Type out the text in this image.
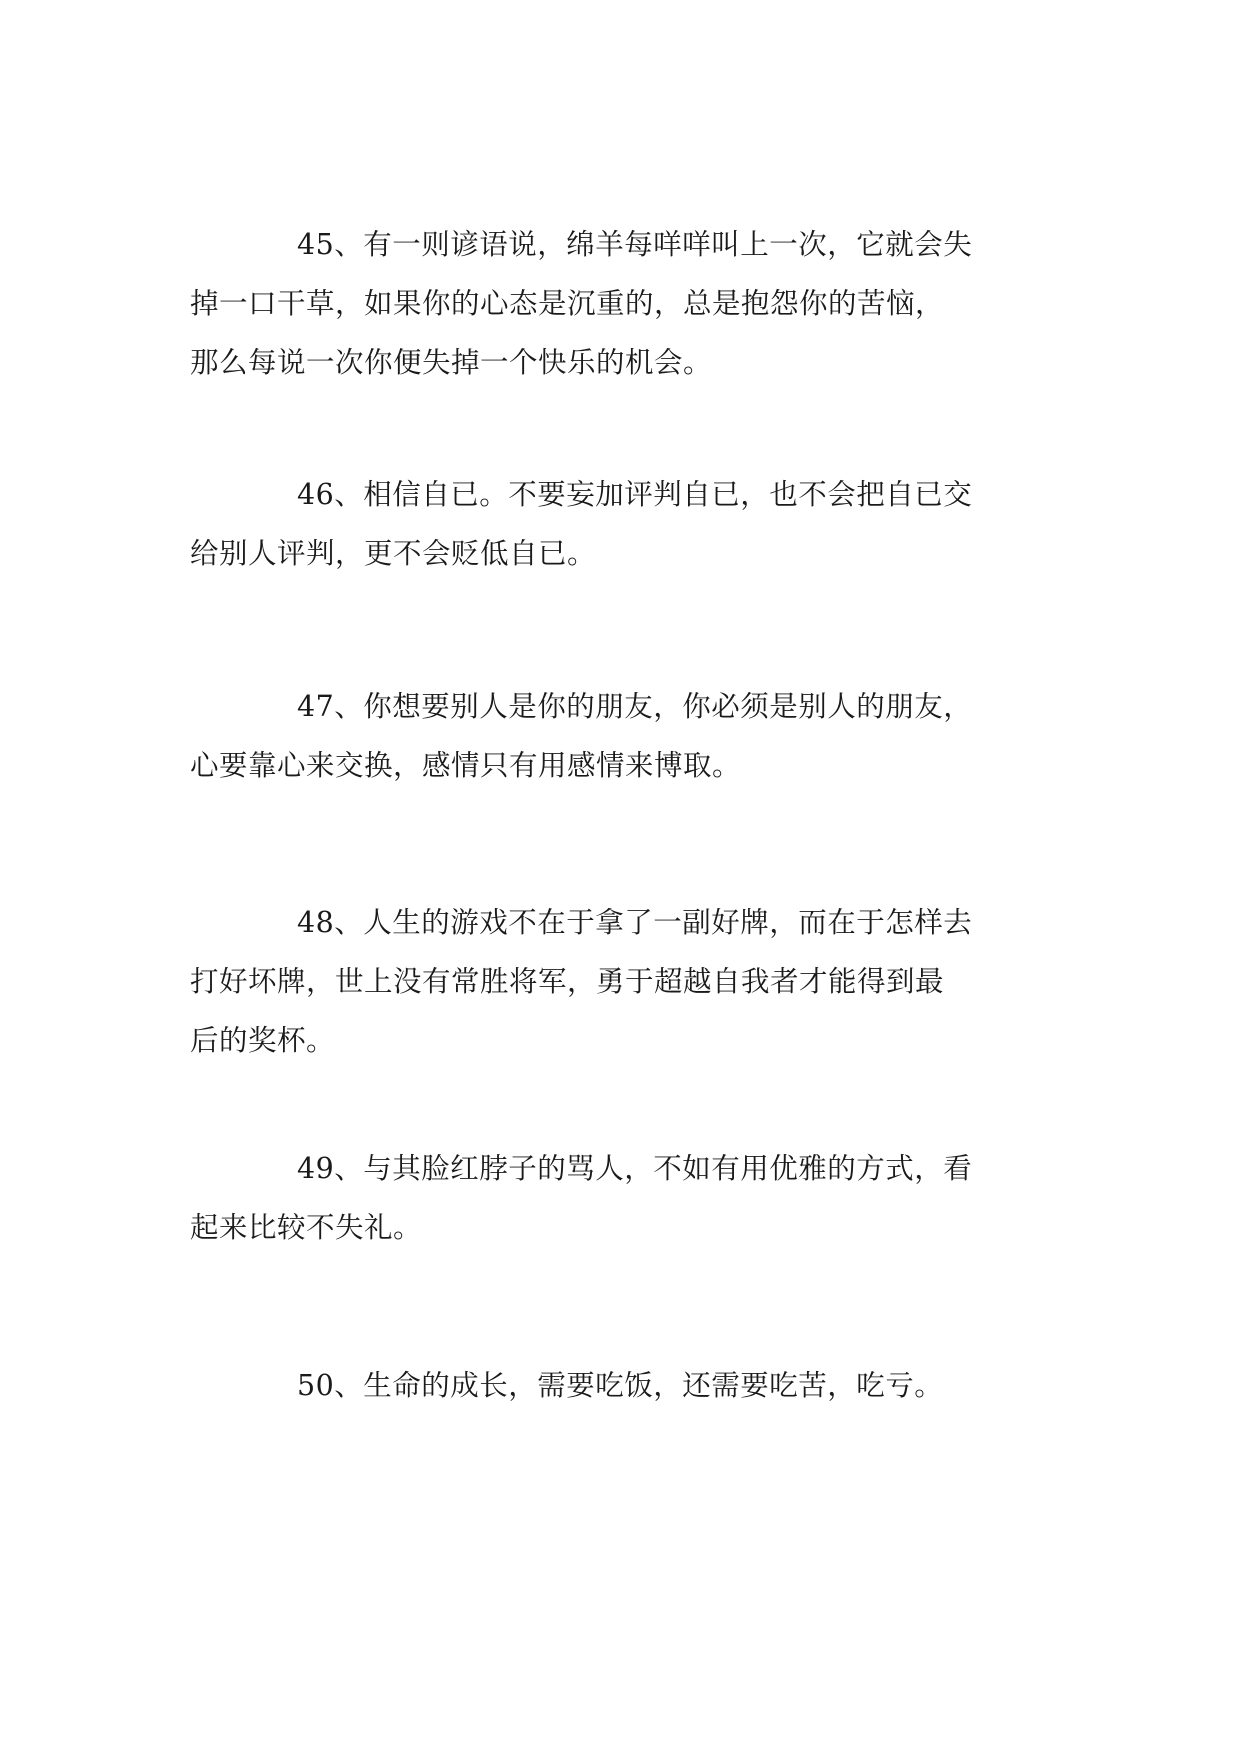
45、有一则谚语说，绵羊每咩咩叫上一次，它就会失
掉一口干草，如果你的心态是沉重的，总是抱怨你的苦恼，
那么每说一次你便失掉一个快乐的机会。

46、相信自已。不要妄加评判自已，也不会把自已交
给别人评判，更不会贬低自已。

47、你想要别人是你的朋友，你必须是别人的朋友，
心要靠心来交换，感情只有用感情来博取。

48、人生的游戏不在于拿了一副好牌，而在于怎样去
打好坏牌，世上没有常胜将军，勇于超越自我者才能得到最
后的奖杯。

49、与其脸红脖子的骂人，不如有用优雅的方式，看
起来比较不失礼。

50、生命的成长，需要吃饭，还需要吃苦，吃亏。
